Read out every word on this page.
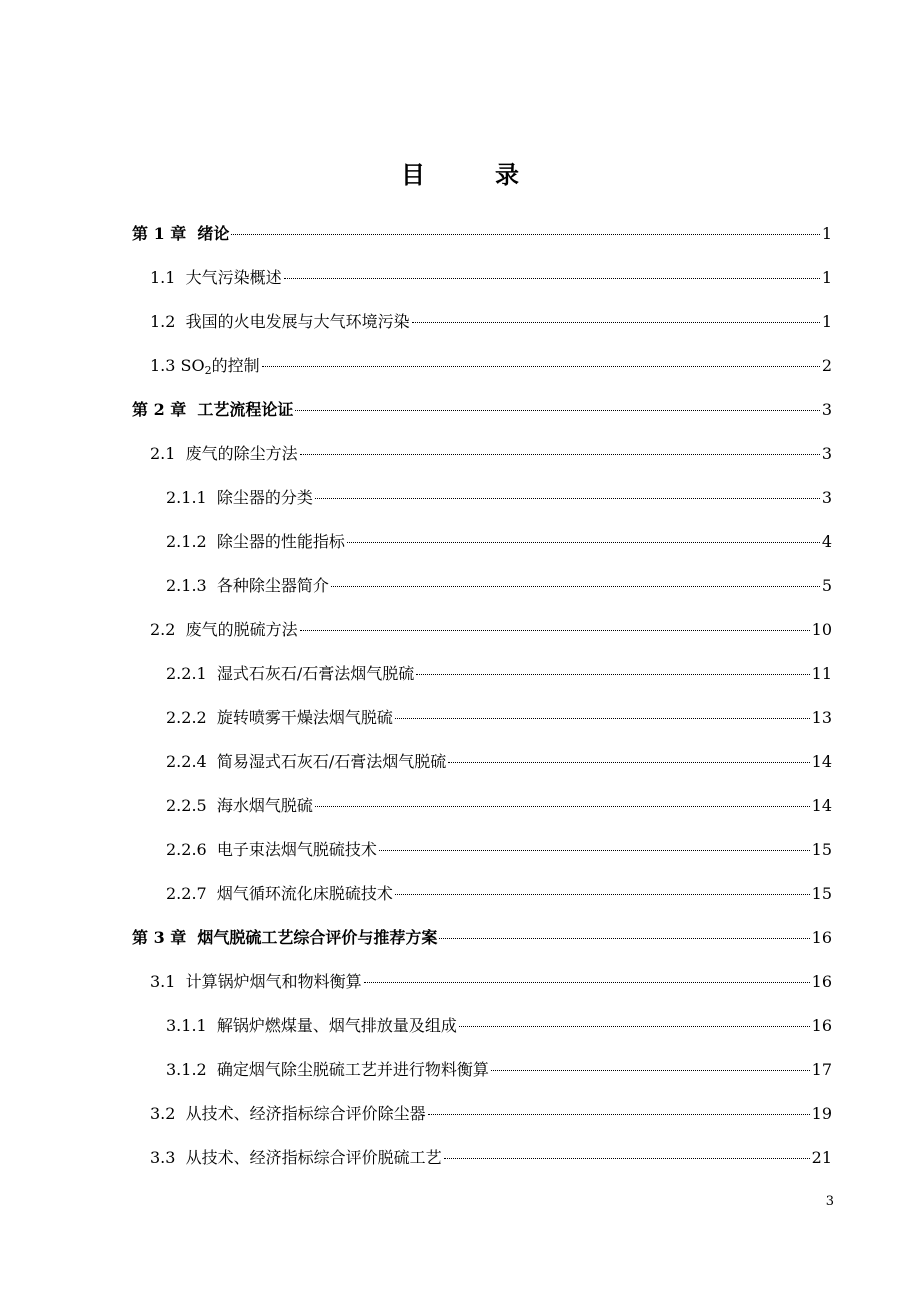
目	录
第 1 章 绪论	1
1.1 大气污染概述	1
1.2 我国的火电发展与大气环境污染	1
1.3 $SO_2$的控制	2
第 2 章 工艺流程论证	3
2.1 废气的除尘方法	3
2.1.1 除尘器的分类	3
2.1.2 除尘器的性能指标	4
2.1.3 各种除尘器简介	5
2.2 废气的脱硫方法	10
2.2.1 湿式石灰石/石膏法烟气脱硫	11
2.2.2 旋转喷雾干燥法烟气脱硫	13
2.2.4 简易湿式石灰石/石膏法烟气脱硫	14
2.2.5 海水烟气脱硫	14
2.2.6 电子束法烟气脱硫技术	15
2.2.7 烟气循环流化床脱硫技术	15
第 3 章 烟气脱硫工艺综合评价与推荐方案	16
3.1 计算锅炉烟气和物料衡算	16
3.1.1 解锅炉燃煤量、烟气排放量及组成	16
3.1.2 确定烟气除尘脱硫工艺并进行物料衡算	17
3.2 从技术、经济指标综合评价除尘器	19
3.3 从技术、经济指标综合评价脱硫工艺	21
3
